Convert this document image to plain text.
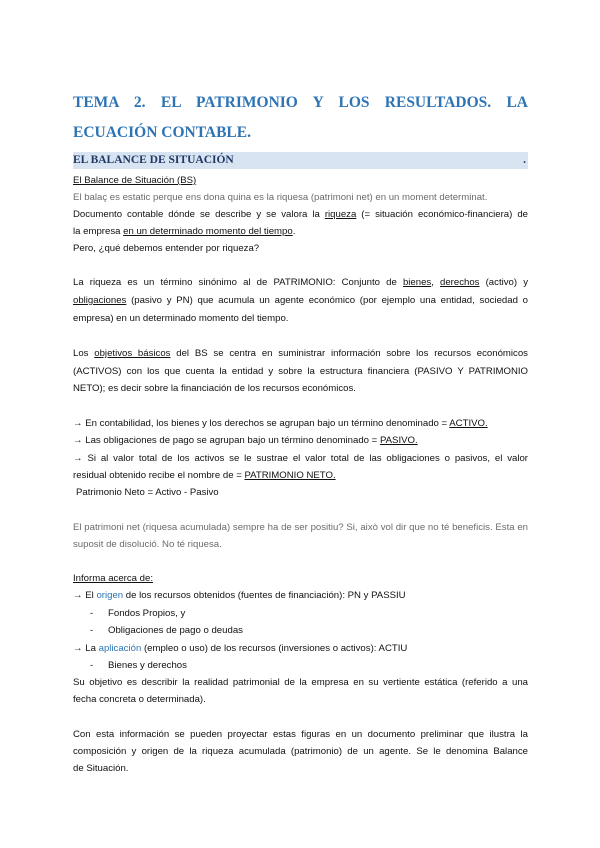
TEMA 2. EL PATRIMONIO Y LOS RESULTADOS. LA ECUACIÓN CONTABLE.
EL BALANCE DE SITUACIÓN	.
El Balance de Situación (BS)
El balaç es estatic perque ens dona quina es la riquesa (patrimoni net) en un moment determinat.
Documento contable dónde se describe y se valora la riqueza (= situación económico-financiera) de
la empresa en un determinado momento del tiempo.
Pero, ¿qué debemos entender por riqueza?
La riqueza es un término sinónimo al de PATRIMONIO: Conjunto de bienes, derechos (activo) y
obligaciones (pasivo y PN) que acumula un agente económico (por ejemplo una entidad, sociedad o
empresa) en un determinado momento del tiempo.
Los objetivos básicos del BS se centra en suministrar información sobre los recursos económicos
(ACTIVOS) con los que cuenta la entidad y sobre la estructura financiera (PASIVO Y PATRIMONIO
NETO); es decir sobre la financiación de los recursos económicos.
→ En contabilidad, los bienes y los derechos se agrupan bajo un término denominado = ACTIVO.
→ Las obligaciones de pago se agrupan bajo un término denominado = PASIVO.
→ Si al valor total de los activos se le sustrae el valor total de las obligaciones o pasivos, el valor
residual obtenido recibe el nombre de = PATRIMONIO NETO.
Patrimonio Neto = Activo - Pasivo
El patrimoni net (riquesa acumulada) sempre ha de ser positiu? Si, això vol dir que no té beneficis. Esta en
suposit de disolució. No té riquesa.
Informa acerca de:
→ El origen de los recursos obtenidos (fuentes de financiación): PN y PASSIU
- Fondos Propios, y
- Obligaciones de pago o deudas
→ La aplicación (empleo o uso) de los recursos (inversiones o activos): ACTIU
- Bienes y derechos
Su objetivo es describir la realidad patrimonial de la empresa en su vertiente estática (referido a una
fecha concreta o determinada).
Con esta información se pueden proyectar estas figuras en un documento preliminar que ilustra la
composición y origen de la riqueza acumulada (patrimonio) de un agente. Se le denomina Balance
de Situación.
